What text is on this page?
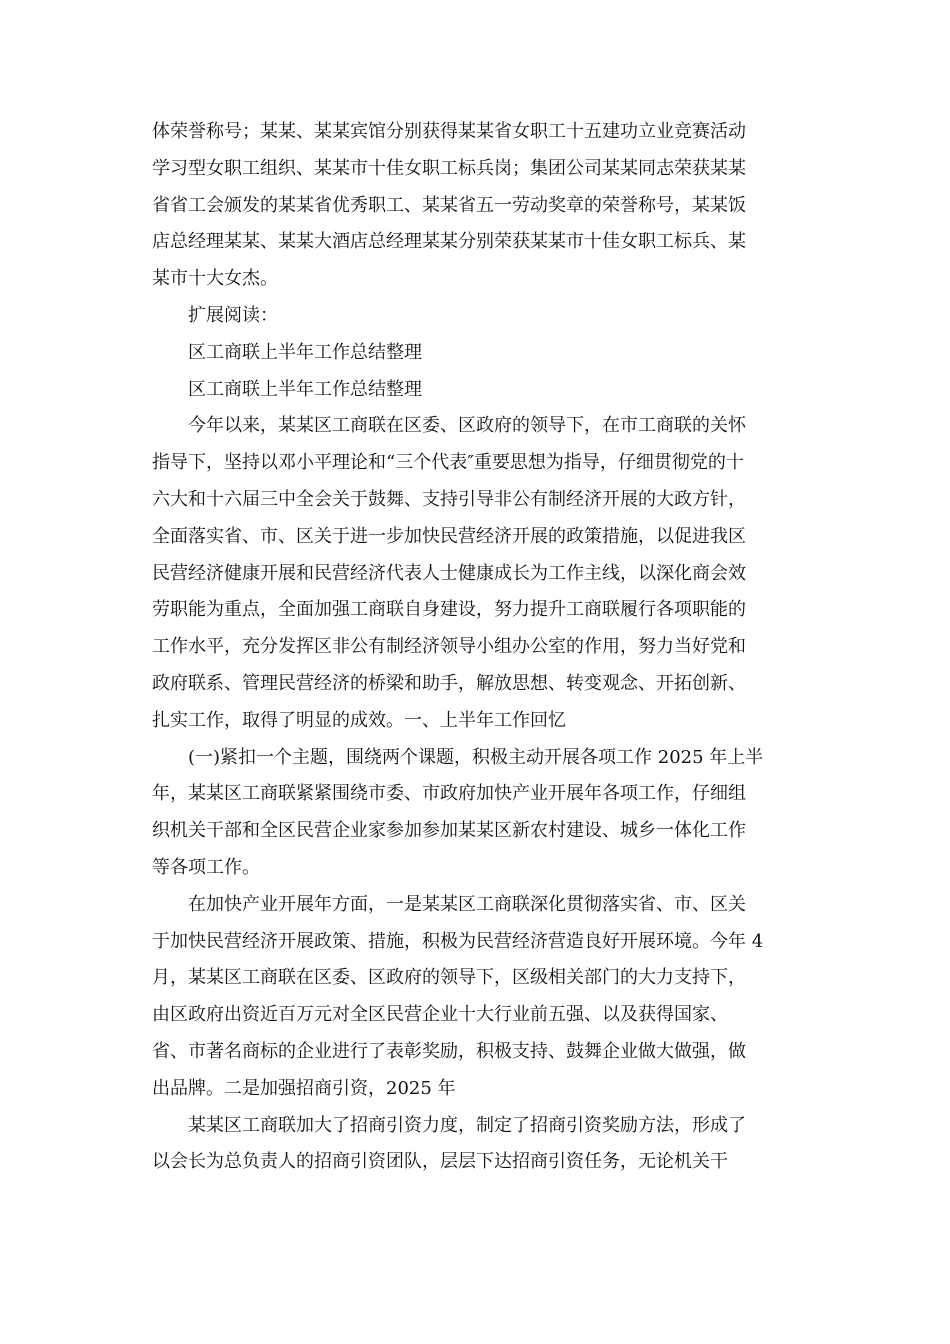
体荣誉称号；某某、某某宾馆分别获得某某省女职工十五建功立业竞赛活动
学习型女职工组织、某某市十佳女职工标兵岗；集团公司某某同志荣获某某
省省工会颁发的某某省优秀职工、某某省五一劳动奖章的荣誉称号，某某饭
店总经理某某、某某大酒店总经理某某分别荣获某某市十佳女职工标兵、某
某市十大女杰。
扩展阅读：
区工商联上半年工作总结整理
区工商联上半年工作总结整理
今年以来，某某区工商联在区委、区政府的领导下，在市工商联的关怀
指导下，坚持以邓小平理论和“三个代表″重要思想为指导，仔细贯彻党的十
六大和十六届三中全会关于鼓舞、支持引导非公有制经济开展的大政方针，
全面落实省、市、区关于进一步加快民营经济开展的政策措施，以促进我区
民营经济健康开展和民营经济代表人士健康成长为工作主线，以深化商会效
劳职能为重点，全面加强工商联自身建设，努力提升工商联履行各项职能的
工作水平，充分发挥区非公有制经济领导小组办公室的作用，努力当好党和
政府联系、管理民营经济的桥梁和助手，解放思想、转变观念、开拓创新、
扎实工作，取得了明显的成效。一、上半年工作回忆
(一)紧扣一个主题，围绕两个课题，积极主动开展各项工作 2025 年上半
年，某某区工商联紧紧围绕市委、市政府加快产业开展年各项工作，仔细组
织机关干部和全区民营企业家参加参加某某区新农村建设、城乡一体化工作
等各项工作。
在加快产业开展年方面，一是某某区工商联深化贯彻落实省、市、区关
于加快民营经济开展政策、措施，积极为民营经济营造良好开展环境。今年 4
月，某某区工商联在区委、区政府的领导下，区级相关部门的大力支持下，
由区政府出资近百万元对全区民营企业十大行业前五强、以及获得国家、
省、市著名商标的企业进行了表彰奖励，积极支持、鼓舞企业做大做强，做
出品牌。二是加强招商引资，2025 年
某某区工商联加大了招商引资力度，制定了招商引资奖励方法，形成了
以会长为总负责人的招商引资团队，层层下达招商引资任务，无论机关干
